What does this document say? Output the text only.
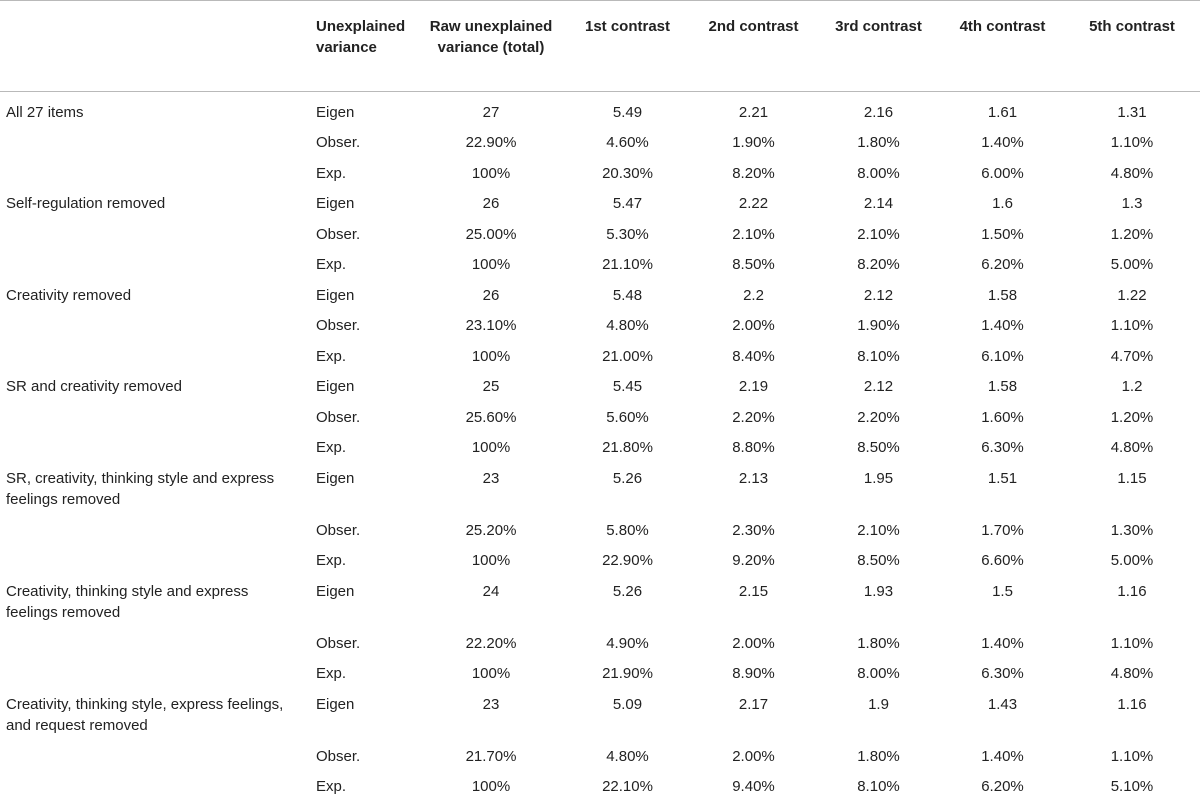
	Unexplained variance	Raw unexplained variance (total)	1st contrast	2nd contrast	3rd contrast	4th contrast	5th contrast
All 27 items	Eigen	27	5.49	2.21	2.16	1.61	1.31
	Obser.	22.90%	4.60%	1.90%	1.80%	1.40%	1.10%
	Exp.	100%	20.30%	8.20%	8.00%	6.00%	4.80%
Self-regulation removed	Eigen	26	5.47	2.22	2.14	1.6	1.3
	Obser.	25.00%	5.30%	2.10%	2.10%	1.50%	1.20%
	Exp.	100%	21.10%	8.50%	8.20%	6.20%	5.00%
Creativity removed	Eigen	26	5.48	2.2	2.12	1.58	1.22
	Obser.	23.10%	4.80%	2.00%	1.90%	1.40%	1.10%
	Exp.	100%	21.00%	8.40%	8.10%	6.10%	4.70%
SR and creativity removed	Eigen	25	5.45	2.19	2.12	1.58	1.2
	Obser.	25.60%	5.60%	2.20%	2.20%	1.60%	1.20%
	Exp.	100%	21.80%	8.80%	8.50%	6.30%	4.80%
SR, creativity, thinking style and express feelings removed	Eigen	23	5.26	2.13	1.95	1.51	1.15
	Obser.	25.20%	5.80%	2.30%	2.10%	1.70%	1.30%
	Exp.	100%	22.90%	9.20%	8.50%	6.60%	5.00%
Creativity, thinking style and express feelings removed	Eigen	24	5.26	2.15	1.93	1.5	1.16
	Obser.	22.20%	4.90%	2.00%	1.80%	1.40%	1.10%
	Exp.	100%	21.90%	8.90%	8.00%	6.30%	4.80%
Creativity, thinking style, express feelings, and request removed	Eigen	23	5.09	2.17	1.9	1.43	1.16
	Obser.	21.70%	4.80%	2.00%	1.80%	1.40%	1.10%
	Exp.	100%	22.10%	9.40%	8.10%	6.20%	5.10%
